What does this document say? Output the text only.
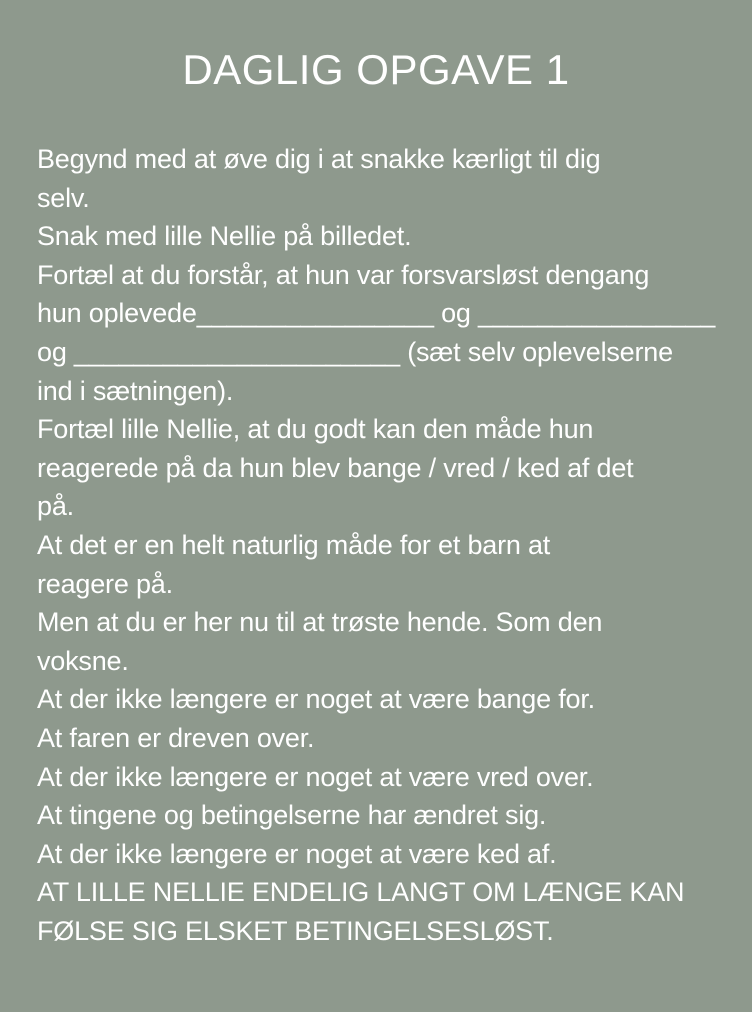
DAGLIG OPGAVE 1
Begynd med at øve dig i at snakke kærligt til dig
selv.
Snak med lille Nellie på billedet.
Fortæl at du forstår, at hun var forsvarsløst dengang
hun oplevede________________ og ________________
og ______________________ (sæt selv oplevelserne
ind i sætningen).
Fortæl lille Nellie, at du godt kan den måde hun
reagerede på da hun blev bange / vred / ked af det
på.
At det er en helt naturlig måde for et barn at
reagere på.
Men at du er her nu til at trøste hende. Som den
voksne.
At der ikke længere er noget at være bange for.
At faren er dreven over.
At der ikke længere er noget at være vred over.
At tingene og betingelserne har ændret sig.
At der ikke længere er noget at være ked af.
AT LILLE NELLIE ENDELIG LANGT OM LÆNGE KAN
FØLSE SIG ELSKET BETINGELSESLØST.
